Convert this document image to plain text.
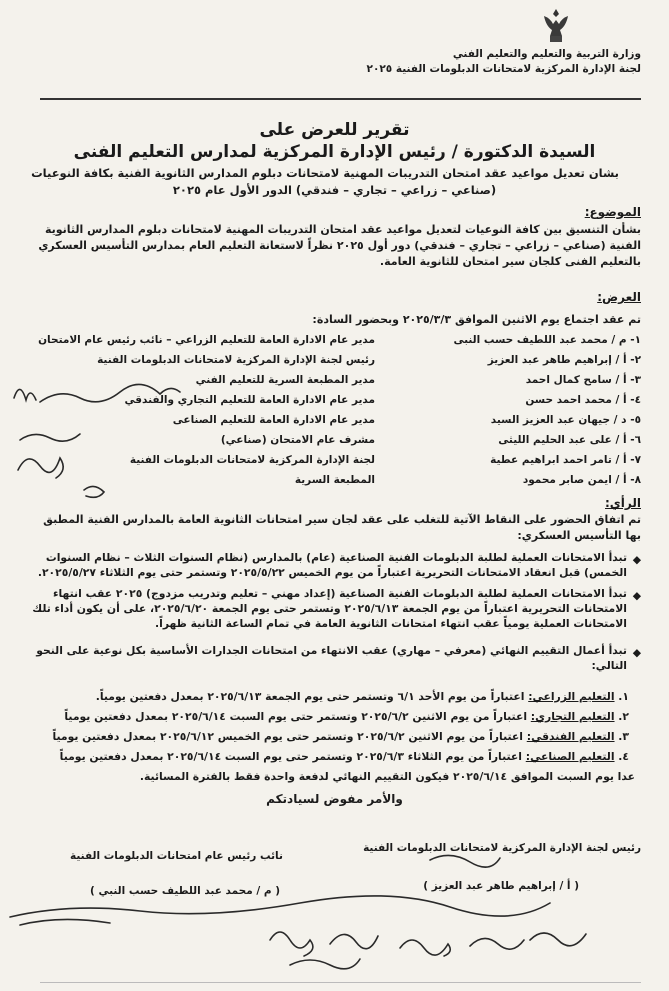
وزارة التربية والتعليم والتعليم الفني
لجنة الإدارة المركزية لامتحانات الدبلومات الفنية ٢٠٢٥
تقرير للعرض على
السيدة الدكتورة / رئيس الإدارة المركزية لمدارس التعليم الفنى
بشان تعديل مواعيد عقد امتحان التدريبات المهنية لامتحانات دبلوم المدارس الثانوية الفنية بكافة النوعيات
(صناعي – زراعي – تجاري – فندقي) الدور الأول عام ٢٠٢٥
الموضوع:
بشأن التنسيق بين كافة النوعيات لتعديل مواعيد عقد امتحان التدريبات المهنية لامتحانات دبلوم المدارس الثانوية الفنية (صناعي – زراعي – تجاري – فندقي) دور أول ٢٠٢٥ نظراً لاستعانة التعليم العام بمدارس التأسيس العسكري بالتعليم الفنى كلجان سير امتحان للثانوية العامة.
العرض:
تم عقد اجتماع يوم الاثنين الموافق ٢٠٢٥/٣/٣ وبحضور السادة:
١- م / محمد عبد اللطيف حسب النبى
مدير عام الادارة العامة للتعليم الزراعي – نائب رئيس عام الامتحان
٢- أ / إبراهيم طاهر عبد العزيز
رئيس لجنة الإدارة المركزية لامتحانات الدبلومات الفنية
٣- أ / سامح كمال احمد
مدير المطبعة السرية للتعليم الفني
٤- أ / محمد احمد حسن
مدير عام الادارة العامة للتعليم التجاري والفندقي
٥- د / جيهان عبد العزيز السيد
مدير عام الادارة العامة للتعليم الصناعى
٦- أ / على عبد الحليم الليثى
مشرف عام الامتحان (صناعي)
٧- أ / تامر احمد ابراهيم عطية
لجنة الإدارة المركزية لامتحانات الدبلومات الفنية
٨- أ / ايمن صابر محمود
المطبعة السرية
الرأي:
تم اتفاق الحضور على النقاط الآتية للتغلب على عقد لجان سير امتحانات الثانوية العامة بالمدارس الفنية المطبق بها التأسيس العسكري:
◆
تبدأ الامتحانات العملية لطلبة الدبلومات الفنية الصناعية (عام) بالمدارس (نظام السنوات الثلاث – نظام السنوات الخمس) قبل انعقاد الامتحانات التحريرية اعتباراً من يوم الخميس ٢٠٢٥/٥/٢٢ وتستمر حتى يوم الثلاثاء ٢٠٢٥/٥/٢٧.
◆
تبدأ الامتحانات العملية لطلبة الدبلومات الفنية الصناعية (إعداد مهني – تعليم وتدريب مزدوج) ٢٠٢٥ عقب انتهاء الامتحانات التحريرية اعتباراً من يوم الجمعة ٢٠٢٥/٦/١٣ وتستمر حتى يوم الجمعة ٢٠٢٥/٦/٢٠، على أن يكون أداء تلك الامتحانات العملية يومياً عقب انتهاء امتحانات الثانوية العامة في تمام الساعة الثانية ظهراً.
◆
تبدأ أعمال التقييم النهائي (معرفي – مهاري) عقب الانتهاء من امتحانات الجدارات الأساسية بكل نوعية على النحو التالي:
١. التعليم الزراعي: اعتباراً من يوم الأحد ٦/١ وتستمر حتى يوم الجمعة ٢٠٢٥/٦/١٣ بمعدل دفعتين يومياً.
٢. التعليم التجاري: اعتباراً من يوم الاثنين ٢٠٢٥/٦/٢ وتستمر حتى يوم السبت ٢٠٢٥/٦/١٤ بمعدل دفعتين يومياً
٣. التعليم الفندقي: اعتباراً من يوم الاثنين ٢٠٢٥/٦/٢ وتستمر حتى يوم الخميس ٢٠٢٥/٦/١٢ بمعدل دفعتين يومياً
٤. التعليم الصناعي: اعتباراً من يوم الثلاثاء ٢٠٢٥/٦/٣ وتستمر حتى يوم السبت ٢٠٢٥/٦/١٤ بمعدل دفعتين يومياً
عدا يوم السبت الموافق ٢٠٢٥/٦/١٤ فيكون التقييم النهائي لدفعة واحدة فقط بالفترة المسائية.
والأمر مفوض لسيادتكم
رئيس لجنة الإدارة المركزية لامتحانات الدبلومات الفنية
( أ / إبراهيم طاهر عبد العزيز )
نائب رئيس عام امتحانات الدبلومات الفنية
( م / محمد عبد اللطيف حسب النبي )
